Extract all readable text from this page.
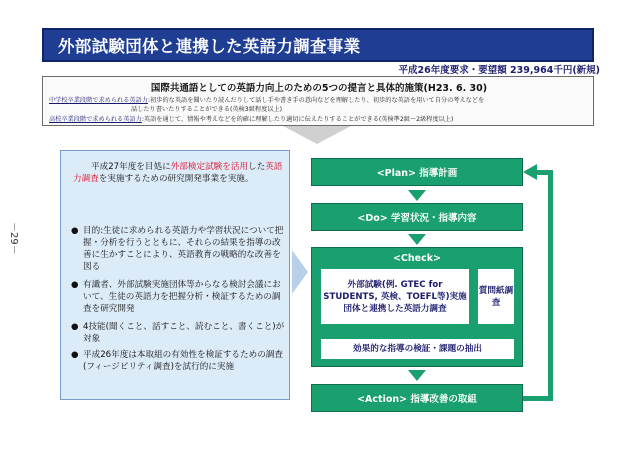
外部試験団体と連携した英語力調査事業
平成26年度要求・要望額 239,964千円(新規)
国際共通語としての英語力向上のための5つの提言と具体的施策(H23. 6. 30)
中学校卒業段階で求められる英語力:初歩的な英語を聞いたり読んだりして話し手や書き手の意向などを理解したり、初歩的な英語を用いて自分の考えなどを
話したり書いたりすることができる(英検3級程度以上)
高校卒業段階で求められる英語力:英語を通じて、情報や考えなどを的確に理解したり適切に伝えたりすることができる(英検準2級～2級程度以上)
－29－
平成27年度を目処に外部検定試験を活用した英語力調査を実施するための研究開発事業を実施。
● 目的:生徒に求められる英語力や学習状況について把握・分析を行うとともに、それらの結果を指導の改善に生かすことにより、英語教育の戦略的な改善を図る
● 有識者、外部試験実施団体等からなる検討会議において、生徒の英語力を把握分析・検証するための調査を研究開発
● 4技能(聞くこと、話すこと、読むこと、書くこと)が対象
● 平成26年度は本取組の有効性を検証するための調査(フィージビリティ調査)を試行的に実施
<Plan> 指導計画
<Do> 学習状況・指導内容
<Check>
外部試験(例. GTEC for STUDENTS, 英検、TOEFL等)実施団体と連携した英語力調査
質問紙調査
効果的な指導の検証・課題の抽出
<Action> 指導改善の取組
